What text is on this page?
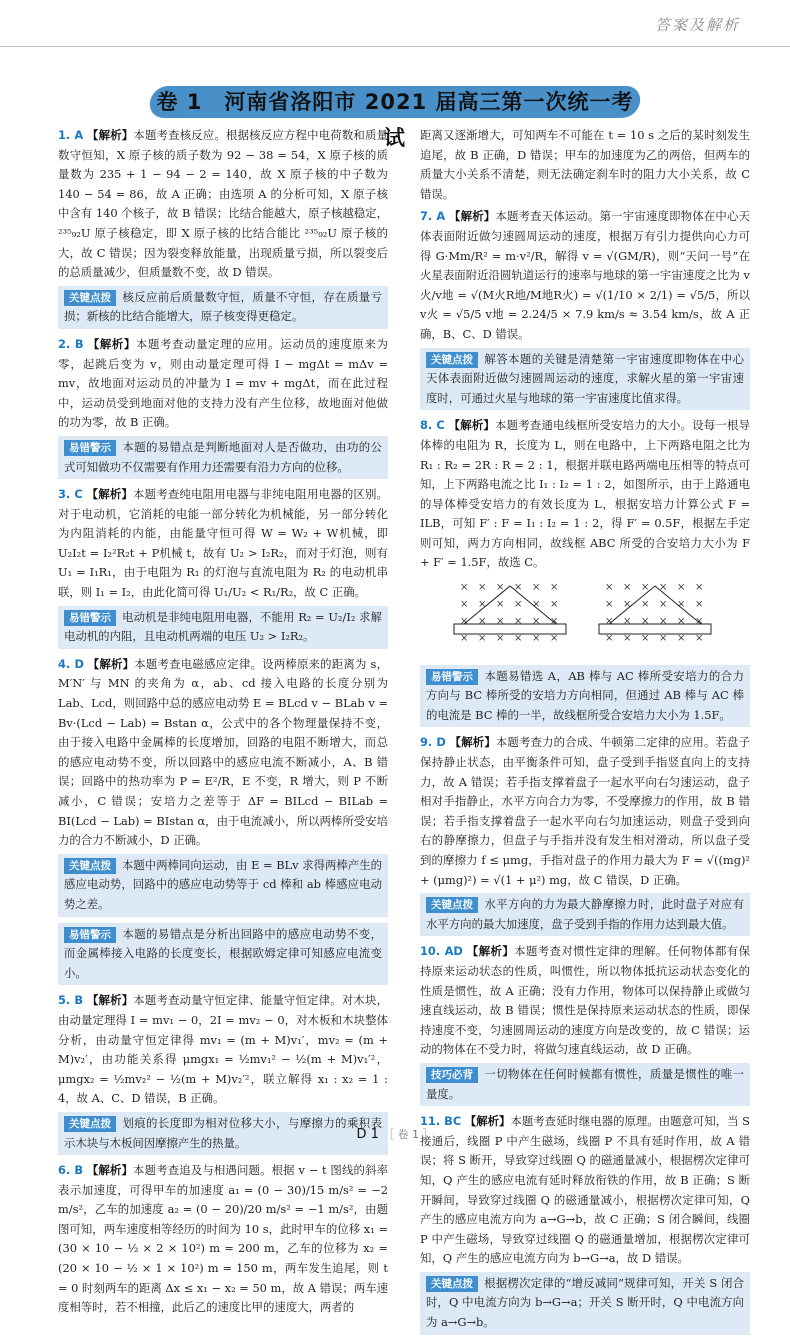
答案及解析
卷 1　河南省洛阳市 2021 届高三第一次统一考试
1. A 【解析】本题考查核反应。根据核反应方程中电荷数和质量数守恒知，X 原子核的质子数为 92 − 38 = 54，X 原子核的质量数为 235 + 1 − 94 − 2 = 140，故 X 原子核的中子数为 140 − 54 = 86，故 A 正确；由选项 A 的分析可知，X 原子核中含有 140 个核子，故 B 错误；比结合能越大，原子核越稳定，²³⁵₉₂U 原子核稳定，即 X 原子核的比结合能比 ²³⁵₉₂U 原子核的大，故 C 错误；因为裂变释放能量，出现质量亏损，所以裂变后的总质量减少，但质量数不变，故 D 错误。
关键点拨 核反应前后质量数守恒，质量不守恒，存在质量亏损；新核的比结合能增大，原子核变得更稳定。
2. B 【解析】本题考查动量定理的应用。运动员的速度原来为零，起跳后变为 v，则由动量定理可得 I − mgΔt = mΔv = mv，故地面对运动员的冲量为 I = mv + mgΔt，而在此过程中，运动员受到地面对他的支持力没有产生位移，故地面对他做的功为零，故 B 正确。
易错警示 本题的易错点是判断地面对人是否做功，由功的公式可知做功不仅需要有作用力还需要有沿力方向的位移。
3. C 【解析】本题考查纯电阻用电器与非纯电阻用电器的区别。对于电动机，它消耗的电能一部分转化为机械能，另一部分转化为内阻消耗的内能，由能量守恒可得 W = W₂ + W机械，即 U₂I₂t = I₂²R₂t + P机械 t，故有 U₂ > I₂R₂，而对于灯泡，则有 U₁ = I₁R₁，由于电阻为 R₁ 的灯泡与直流电阻为 R₂ 的电动机串联，则 I₁ = I₂，由此化简可得 U₁/U₂ < R₁/R₂，故 C 正确。
易错警示 电动机是非纯电阻用电器，不能用 R₂ = U₂/I₂ 求解电动机的内阻，且电动机两端的电压 U₂ > I₂R₂。
4. D 【解析】本题考查电磁感应定律。设两棒原来的距离为 s，M′N′ 与 MN 的夹角为 α，ab、cd 接入电路的长度分别为 Lab、Lcd，则回路中总的感应电动势 E = BLcd v − BLab v = Bv·(Lcd − Lab) = Bstan α，公式中的各个物理量保持不变，由于接入电路中金属棒的长度增加，回路的电阻不断增大，而总的感应电动势不变，所以回路中的感应电流不断减小，A、B 错误；回路中的热功率为 P = E²/R，E 不变，R 增大，则 P 不断减小，C 错误；安培力之差等于 ΔF = BILcd − BILab = BI(Lcd − Lab) = BIstan α，由于电流减小，所以两棒所受安培力的合力不断减小，D 正确。
关键点拨 本题中两棒同向运动，由 E = BLv 求得两棒产生的感应电动势，回路中的感应电动势等于 cd 棒和 ab 棒感应电动势之差。
易错警示 本题的易错点是分析出回路中的感应电动势不变，而金属棒接入电路的长度变长，根据欧姆定律可知感应电流变小。
5. B 【解析】本题考查动量守恒定律、能量守恒定律。对木块，由动量定理得 I = mv₁ − 0，2I = mv₂ − 0，对木板和木块整体分析，由动量守恒定律得 mv₁ = (m + M)v₁′，mv₂ = (m + M)v₂′，由功能关系得 μmgx₁ = ½mv₁² − ½(m + M)v₁′²，μmgx₂ = ½mv₂² − ½(m + M)v₂′²，联立解得 x₁ : x₂ = 1 : 4，故 A、C、D 错误，B 正确。
关键点拨 划痕的长度即为相对位移大小，与摩擦力的乘积表示木块与木板间因摩擦产生的热量。
6. B 【解析】本题考查追及与相遇问题。根据 v − t 图线的斜率表示加速度，可得甲车的加速度 a₁ = (0 − 30)/15 m/s² = −2 m/s²，乙车的加速度 a₂ = (0 − 20)/20 m/s² = −1 m/s²，由题图可知，两车速度相等经历的时间为 10 s，此时甲车的位移 x₁ = (30 × 10 − ½ × 2 × 10²) m = 200 m，乙车的位移为 x₂ = (20 × 10 − ½ × 1 × 10²) m = 150 m，两车发生追尾，则 t = 0 时刻两车的距离 Δx ≤ x₁ − x₂ = 50 m，故 A 错误；两车速度相等时，若不相撞，此后乙的速度比甲的速度大，两者的
距离又逐渐增大，可知两车不可能在 t = 10 s 之后的某时刻发生追尾，故 B 正确，D 错误；甲车的加速度为乙的两倍，但两车的质量大小关系不清楚，则无法确定刹车时的阻力大小关系，故 C 错误。
7. A 【解析】本题考查天体运动。第一宇宙速度即物体在中心天体表面附近做匀速圆周运动的速度，根据万有引力提供向心力可得 G·Mm/R² = m·v²/R，解得 v = √(GM/R)，则“天问一号”在火星表面附近沿圆轨道运行的速率与地球的第一宇宙速度之比为 v火/v地 = √(M火R地/M地R火) = √(1/10 × 2/1) = √5/5，所以 v火 = √5/5 v地 = 2.24/5 × 7.9 km/s ≈ 3.54 km/s，故 A 正确，B、C、D 错误。
关键点拨 解答本题的关键是清楚第一宇宙速度即物体在中心天体表面附近做匀速圆周运动的速度，求解火星的第一宇宙速度时，可通过火星与地球的第一宇宙速度比值求得。
8. C 【解析】本题考查通电线框所受安培力的大小。设每一根导体棒的电阻为 R，长度为 L，则在电路中，上下两路电阻之比为 R₁ : R₂ = 2R : R = 2 : 1，根据并联电路两端电压相等的特点可知，上下两路电流之比 I₁ : I₂ = 1 : 2，如图所示，由于上路通电的导体棒受安培力的有效长度为 L，根据安培力计算公式 F = ILB，可知 F′ : F = I₁ : I₂ = 1 : 2，得 F′ = 0.5F，根据左手定则可知，两力方向相同，故线框 ABC 所受的合安培力大小为 F + F′ = 1.5F，故选 C。
× × × × × ×
× × × × × ×
× × × × × ×
× × × × × ×
× × × × × ×
× × × × × ×
× × × × × ×
× × × × × ×
易错警示 本题易错选 A，AB 棒与 AC 棒所受安培力的合力方向与 BC 棒所受的安培力方向相同，但通过 AB 棒与 AC 棒的电流是 BC 棒的一半，故线框所受合安培力大小为 1.5F。
9. D 【解析】本题考查力的合成、牛顿第二定律的应用。若盘子保持静止状态，由平衡条件可知，盘子受到手指竖直向上的支持力，故 A 错误；若手指支撑着盘子一起水平向右匀速运动，盘子相对手指静止，水平方向合力为零，不受摩擦力的作用，故 B 错误；若手指支撑着盘子一起水平向右匀加速运动，则盘子受到向右的静摩擦力，但盘子与手指并没有发生相对滑动，所以盘子受到的摩擦力 f ≤ μmg，手指对盘子的作用力最大为 F = √((mg)² + (μmg)²) = √(1 + μ²) mg，故 C 错误，D 正确。
关键点拨 水平方向的力为最大静摩擦力时，此时盘子对应有水平方向的最大加速度，盘子受到手指的作用力达到最大值。
10. AD 【解析】本题考查对惯性定律的理解。任何物体都有保持原来运动状态的性质，叫惯性，所以物体抵抗运动状态变化的性质是惯性，故 A 正确；没有力作用，物体可以保持静止或做匀速直线运动，故 B 错误；惯性是保持原来运动状态的性质，即保持速度不变，匀速圆周运动的速度方向是改变的，故 C 错误；运动的物体在不受力时，将做匀速直线运动，故 D 正确。
技巧必背 一切物体在任何时候都有惯性，质量是惯性的唯一量度。
11. BC 【解析】本题考查延时继电器的原理。由题意可知，当 S 接通后，线圈 P 中产生磁场，线圈 P 不具有延时作用，故 A 错误；将 S 断开，导致穿过线圈 Q 的磁通量减小，根据楞次定律可知，Q 产生的感应电流有延时释放衔铁的作用，故 B 正确；S 断开瞬间，导致穿过线圈 Q 的磁通量减小，根据楞次定律可知，Q 产生的感应电流方向为 a→G→b，故 C 正确；S 闭合瞬间，线圈 P 中产生磁场，导致穿过线圈 Q 的磁通量增加，根据楞次定律可知，Q 产生的感应电流方向为 b→G→a，故 D 错误。
关键点拨 根据楞次定律的“增反减同”规律可知，开关 S 闭合时，Q 中电流方向为 b→G→a；开关 S 断开时，Q 中电流方向为 a→G→b。
D 1 ［ 卷 1 ］
